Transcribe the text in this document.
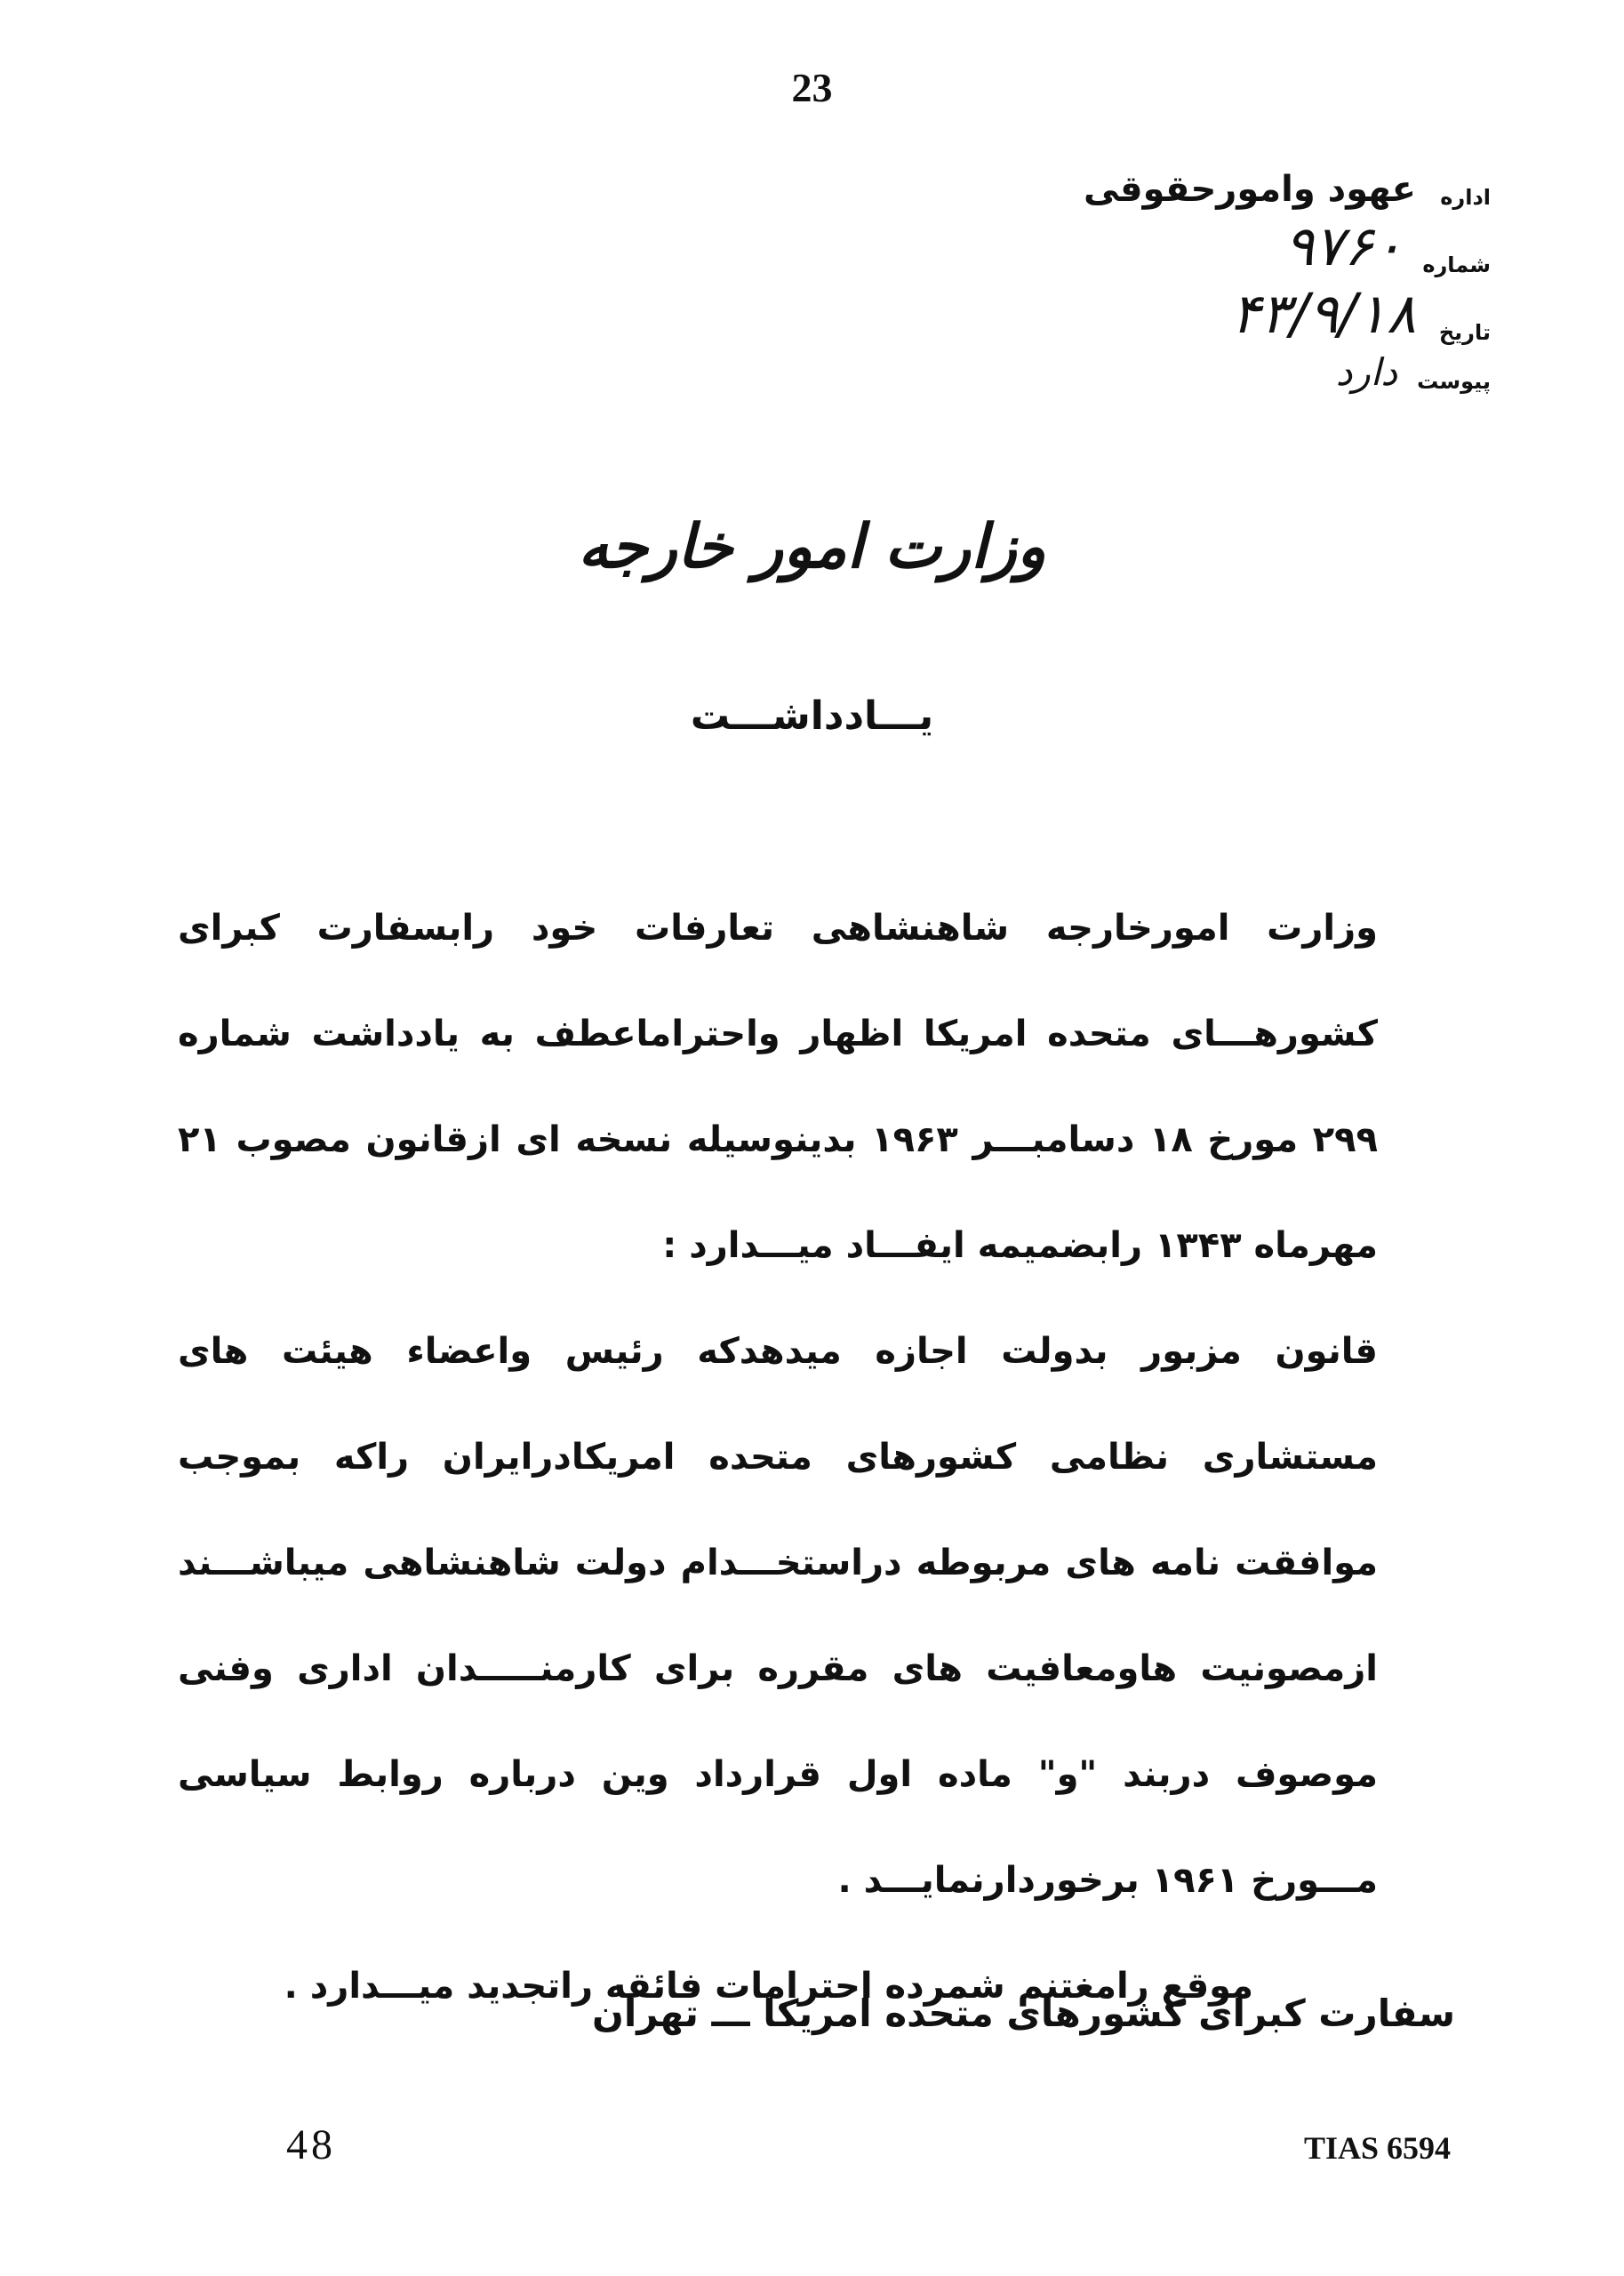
23
اداره
عهود وامورحقوقی
شماره
۹۷۶۰
تاریخ
۴۳/۹/۱۸
پیوست
دارد
وزارت امور خارجه
یـــادداشـــت

وزارت امورخارجه شاهنشاهی تعارفات خود رابسفارت کبرای کشورهـــای متحده امریکا اظهار واحتراماعطف به یادداشت شماره ۲۹۹ مورخ ۱۸ دسامبـــر ۱۹۶۳ بدینوسیله نسخه ای ازقانون مصوب ۲۱ مهرماه ۱۳۴۳ رابضمیمه ایفـــاد میـــدارد :

قانون مزبور بدولت اجازه میدهدکه رئیس واعضاء هیئت های مستشاری نظامی کشورهای متحده امریکادرایران راکه بموجب موافقت نامه های مربوطه دراستخـــدام دولت شاهنشاهی میباشـــند ازمصونیت هاومعافیت های مقرره برای کارمنـــــدان اداری وفنی موصوف دربند "و" ماده اول قرارداد وین درباره روابط سیاسی مـــورخ ۱۹۶۱ برخوردارنمایـــد .

موقع رامغتنم شمرده احترامات فائقه راتجدید میـــدارد .

سفارت کبرای کشورهای متحده امریکا ـــ تهران
48	TIAS 6594
